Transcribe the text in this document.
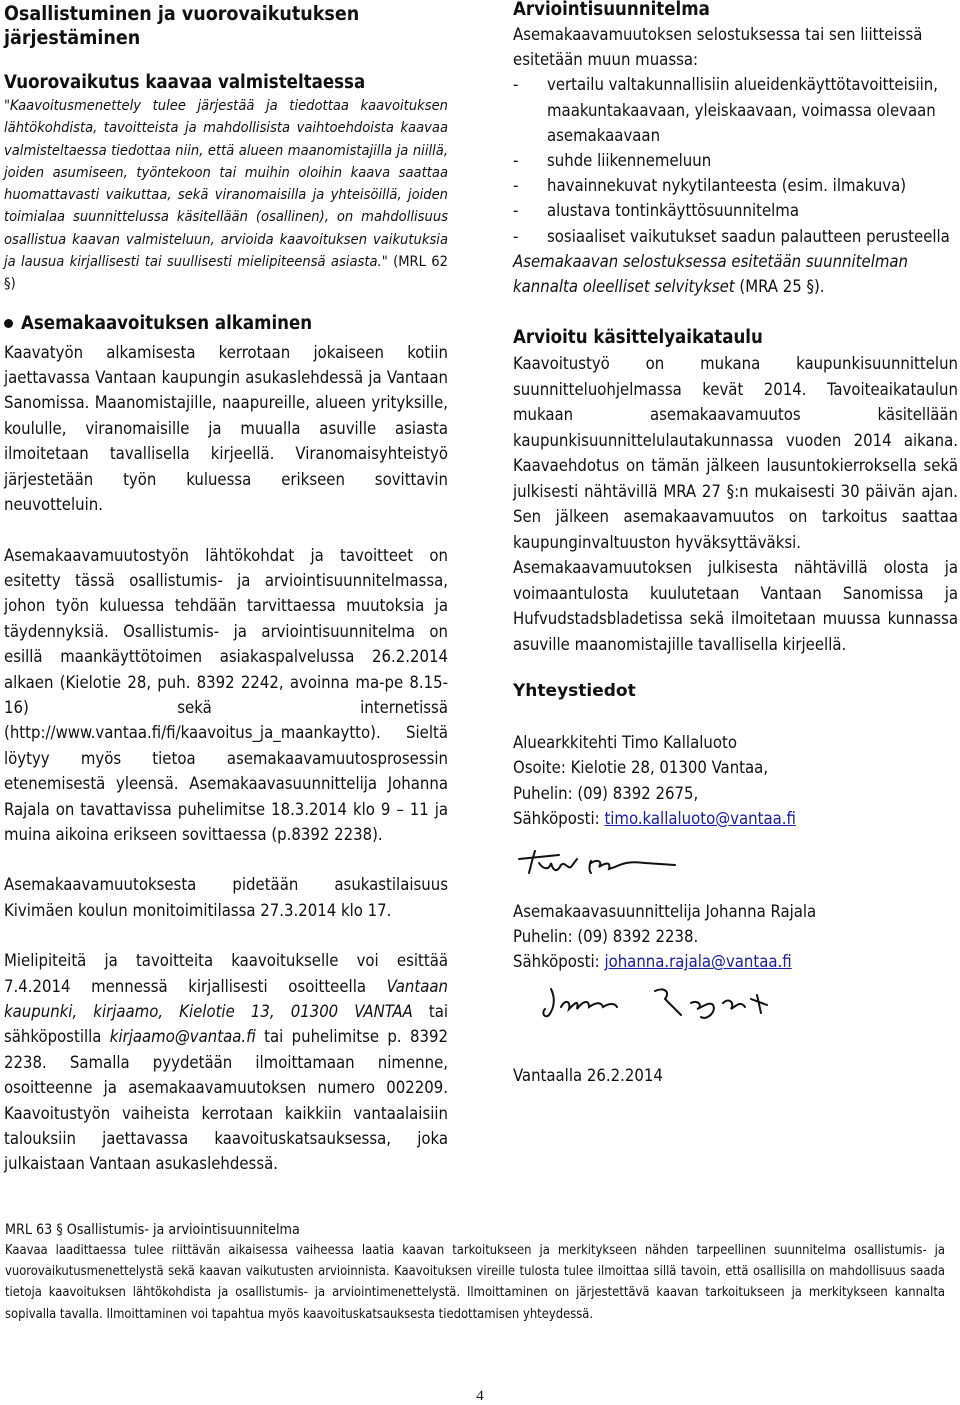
Osallistuminen ja vuorovaikutuksen järjestäminen
Vuorovaikutus kaavaa valmisteltaessa

"Kaavoitusmenettely tulee järjestää ja tiedottaa kaavoituksen lähtökohdista, tavoitteista ja mahdollisista vaihtoehdoista kaavaa valmisteltaessa tiedottaa niin, että alueen maanomistajilla ja niillä, joiden asumiseen, työntekoon tai muihin oloihin kaava saattaa huomattavasti vaikuttaa, sekä viranomaisilla ja yhteisöillä, joiden toimialaa suunnittelussa käsitellään (osallinen), on mahdollisuus osallistua kaavan valmisteluun, arvioida kaavoituksen vaikutuksia ja lausua kirjallisesti tai suullisesti mielipiteensä asiasta." (MRL 62 §)

Asemakaavoituksen alkaminen

Kaavatyön alkamisesta kerrotaan jokaiseen kotiin jaettavassa Vantaan kaupungin asukaslehdessä ja Vantaan Sanomissa. Maanomistajille, naapureille, alueen yrityksille, koululle, viranomaisille ja muualla asuville asiasta ilmoitetaan tavallisella kirjeellä. Viranomaisyhteistyö järjestetään työn kuluessa erikseen sovittavin neuvotteluin.

Asemakaavamuutostyön lähtökohdat ja tavoitteet on esitetty tässä osallistumis- ja arviointisuunnitelmassa, johon työn kuluessa tehdään tarvittaessa muutoksia ja täydennyksiä. Osallistumis- ja arviointisuunnitelma on esillä maankäyttötoimen asiakaspalvelussa 26.2.2014 alkaen (Kielotie 28, puh. 8392 2242, avoinna ma-pe 8.15-16) sekä internetissä (http://www.vantaa.fi/fi/kaavoitus_ja_maankaytto). Sieltä löytyy myös tietoa asemakaavamuutosprosessin etenemisestä yleensä. Asemakaavasuunnittelija Johanna Rajala on tavattavissa puhelimitse 18.3.2014 klo 9 – 11 ja muina aikoina erikseen sovittaessa (p.8392 2238).

Asemakaavamuutoksesta pidetään asukastilaisuus Kivimäen koulun monitoimitilassa 27.3.2014 klo 17.

Mielipiteitä ja tavoitteita kaavoitukselle voi esittää 7.4.2014 mennessä kirjallisesti osoitteella Vantaan kaupunki, kirjaamo, Kielotie 13, 01300 VANTAA tai sähköpostilla kirjaamo@vantaa.fi tai puhelimitse p. 8392 2238. Samalla pyydetään ilmoittamaan nimenne, osoitteenne ja asemakaavamuutoksen numero 002209. Kaavoitustyön vaiheista kerrotaan kaikkiin vantaalaisiin talouksiin jaettavassa kaavoituskatsauksessa, joka julkaistaan Vantaan asukaslehdessä.

Arviointisuunnitelma

Asemakaavamuutoksen selostuksessa tai sen liitteissä esitetään muun muassa:

- vertailu valtakunnallisiin alueidenkäyttötavoitteisiin, maakuntakaavaan, yleiskaavaan, voimassa olevaan asemakaavaan
- suhde liikennemeluun
- havainnekuvat nykytilanteesta (esim. ilmakuva)
- alustava tontinkäyttösuunnitelma
- sosiaaliset vaikutukset saadun palautteen perusteella

Asemakaavan selostuksessa esitetään suunnitelman kannalta oleelliset selvitykset (MRA 25 §).

Arvioitu käsittelyaikataulu

Kaavoitustyö on mukana kaupunkisuunnittelun suunnitteluohjelmassa kevät 2014. Tavoiteaikataulun mukaan asemakaavamuutos käsitellään kaupunkisuunnittelulautakunnassa vuoden 2014 aikana. Kaavaehdotus on tämän jälkeen lausuntokierroksella sekä julkisesti nähtävillä MRA 27 §:n mukaisesti 30 päivän ajan. Sen jälkeen asemakaavamuutos on tarkoitus saattaa kaupunginvaltuuston hyväksyttäväksi.

Asemakaavamuutoksen julkisesta nähtävillä olosta ja voimaantulosta kuulutetaan Vantaan Sanomissa ja Hufvudstadsbladetissa sekä ilmoitetaan muussa kunnassa asuville maanomistajille tavallisella kirjeellä.

Yhteystiedot

Aluearkkitehti Timo Kallaluoto

Osoite: Kielotie 28, 01300 Vantaa,

Puhelin: (09) 8392 2675,

Sähköposti: timo.kallaluoto@vantaa.fi

Asemakaavasuunnittelija Johanna Rajala

Puhelin: (09) 8392 2238.

Sähköposti: johanna.rajala@vantaa.fi

Vantaalla 26.2.2014

MRL 63 § Osallistumis- ja arviointisuunnitelma

Kaavaa laadittaessa tulee riittävän aikaisessa vaiheessa laatia kaavan tarkoitukseen ja merkitykseen nähden tarpeellinen suunnitelma osallistumis- ja vuorovaikutusmenettelystä sekä kaavan vaikutusten arvioinnista. Kaavoituksen vireille tulosta tulee ilmoittaa sillä tavoin, että osallisilla on mahdollisuus saada tietoja kaavoituksen lähtökohdista ja osallistumis- ja arviointimenettelystä. Ilmoittaminen on järjestettävä kaavan tarkoitukseen ja merkitykseen kannalta sopivalla tavalla. Ilmoittaminen voi tapahtua myös kaavoituskatsauksesta tiedottamisen yhteydessä.

4
